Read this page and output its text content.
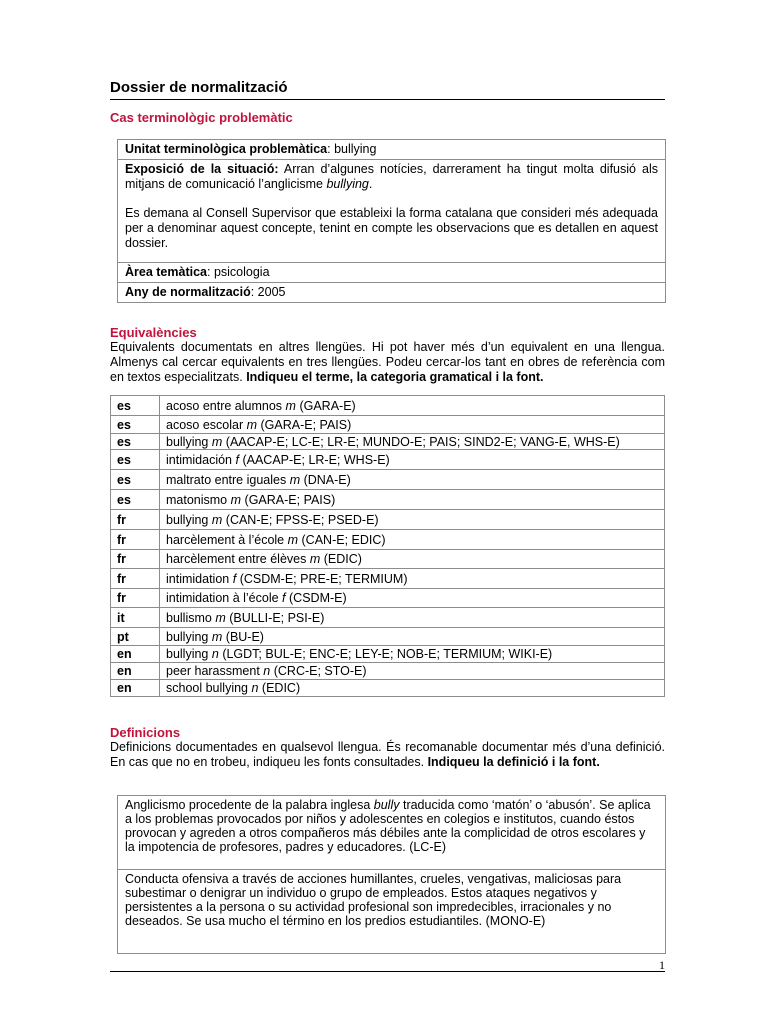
Dossier de normalització
Cas terminològic problemàtic
Unitat terminològica problemàtica: bullying

Exposició de la situació: Arran d’algunes notícies, darrerament ha tingut molta difusió als mitjans de comunicació l’anglicisme bullying.

Es demana al Consell Supervisor que estableixi la forma catalana que consideri més adequada per a denominar aquest concepte, tenint en compte les observacions que es detallen en aquest dossier.

Àrea temàtica: psicologia
Any de normalització: 2005
Equivalències

Equivalents documentats en altres llengües. Hi pot haver més d’un equivalent en una llengua. Almenys cal cercar equivalents en tres llengües. Podeu cercar-los tant en obres de referència com en textos especialitzats. Indiqueu el terme, la categoria gramatical i la font.

es	acoso entre alumnos m (GARA-E)
es	acoso escolar m (GARA-E; PAIS)
es	bullying m (AACAP-E; LC-E; LR-E; MUNDO-E; PAIS; SIND2-E; VANG-E, WHS-E)
es	intimidación f (AACAP-E; LR-E; WHS-E)
es	maltrato entre iguales m (DNA-E)
es	matonismo m (GARA-E; PAIS)
fr	bullying m (CAN-E; FPSS-E; PSED-E)
fr	harcèlement à l’école m (CAN-E; EDIC)
fr	harcèlement entre élèves m (EDIC)
fr	intimidation f (CSDM-E; PRE-E; TERMIUM)
fr	intimidation à l’école f (CSDM-E)
it	bullismo m (BULLI-E; PSI-E)
pt	bullying m (BU-E)
en	bullying n (LGDT; BUL-E; ENC-E; LEY-E; NOB-E; TERMIUM; WIKI-E)
en	peer harassment n (CRC-E; STO-E)
en	school bullying n (EDIC)
Definicions

Definicions documentades en qualsevol llengua. És recomanable documentar més d’una definició. En cas que no en trobeu, indiqueu les fonts consultades. Indiqueu la definició i la font.

Anglicismo procedente de la palabra inglesa bully traducida como ‘matón’ o ‘abusón’. Se aplica a los problemas provocados por niños y adolescentes en colegios e institutos, cuando éstos provocan y agreden a otros compañeros más débiles ante la complicidad de otros escolares y la impotencia de profesores, padres y educadores. (LC-E)
Conducta ofensiva a través de acciones humillantes, crueles, vengativas, maliciosas para subestimar o denigrar un individuo o grupo de empleados. Estos ataques negativos y persistentes a la persona o su actividad profesional son impredecibles, irracionales y no deseados. Se usa mucho el término en los predios estudiantiles. (MONO-E)
1
